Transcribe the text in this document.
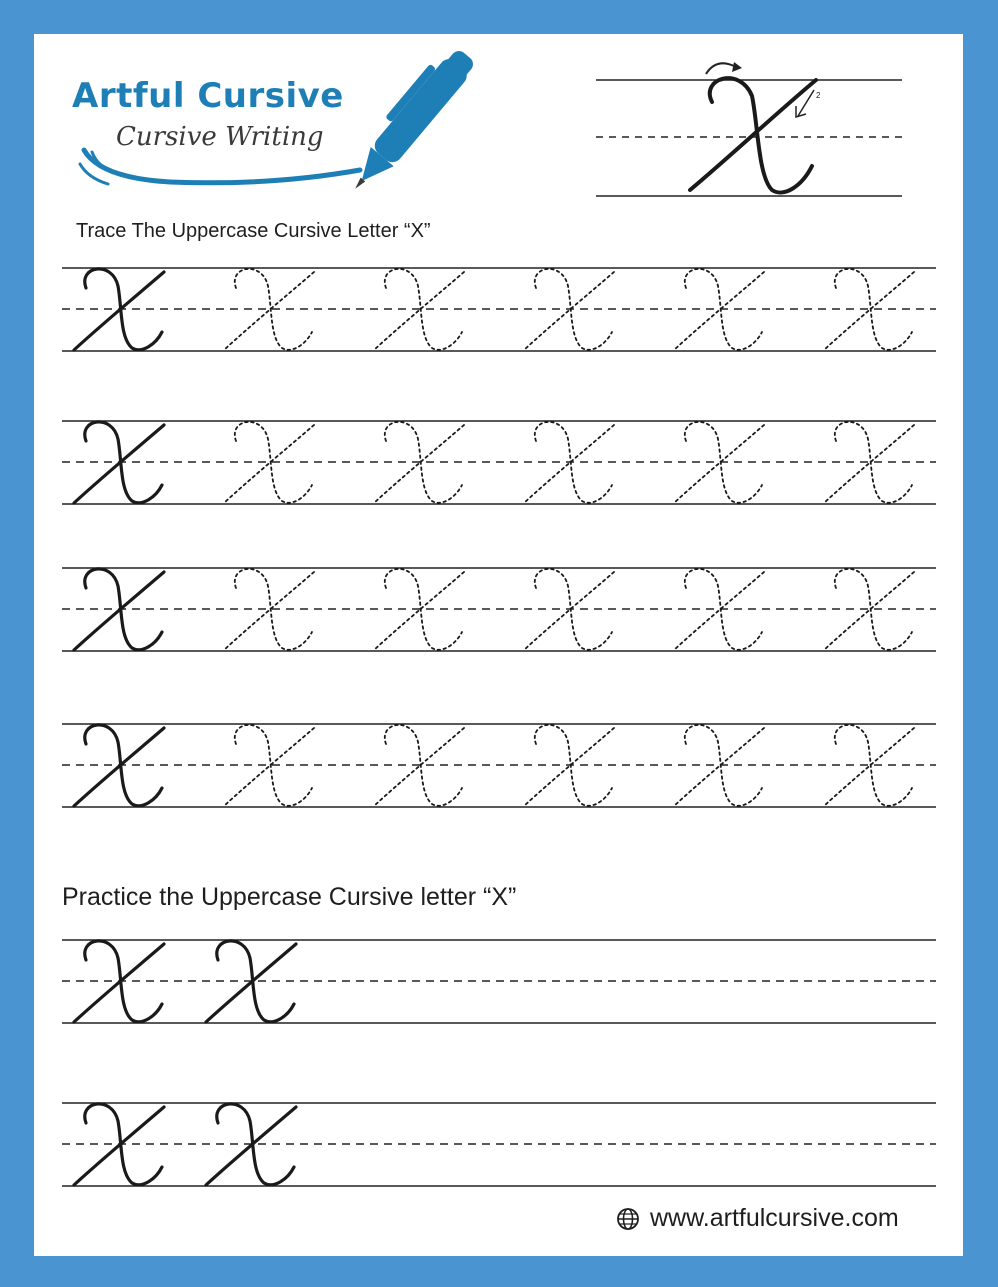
Artful Cursive
Cursive Writing
2
Trace The Uppercase Cursive Letter “X”
Practice the Uppercase Cursive letter “X”
www.artfulcursive.com
